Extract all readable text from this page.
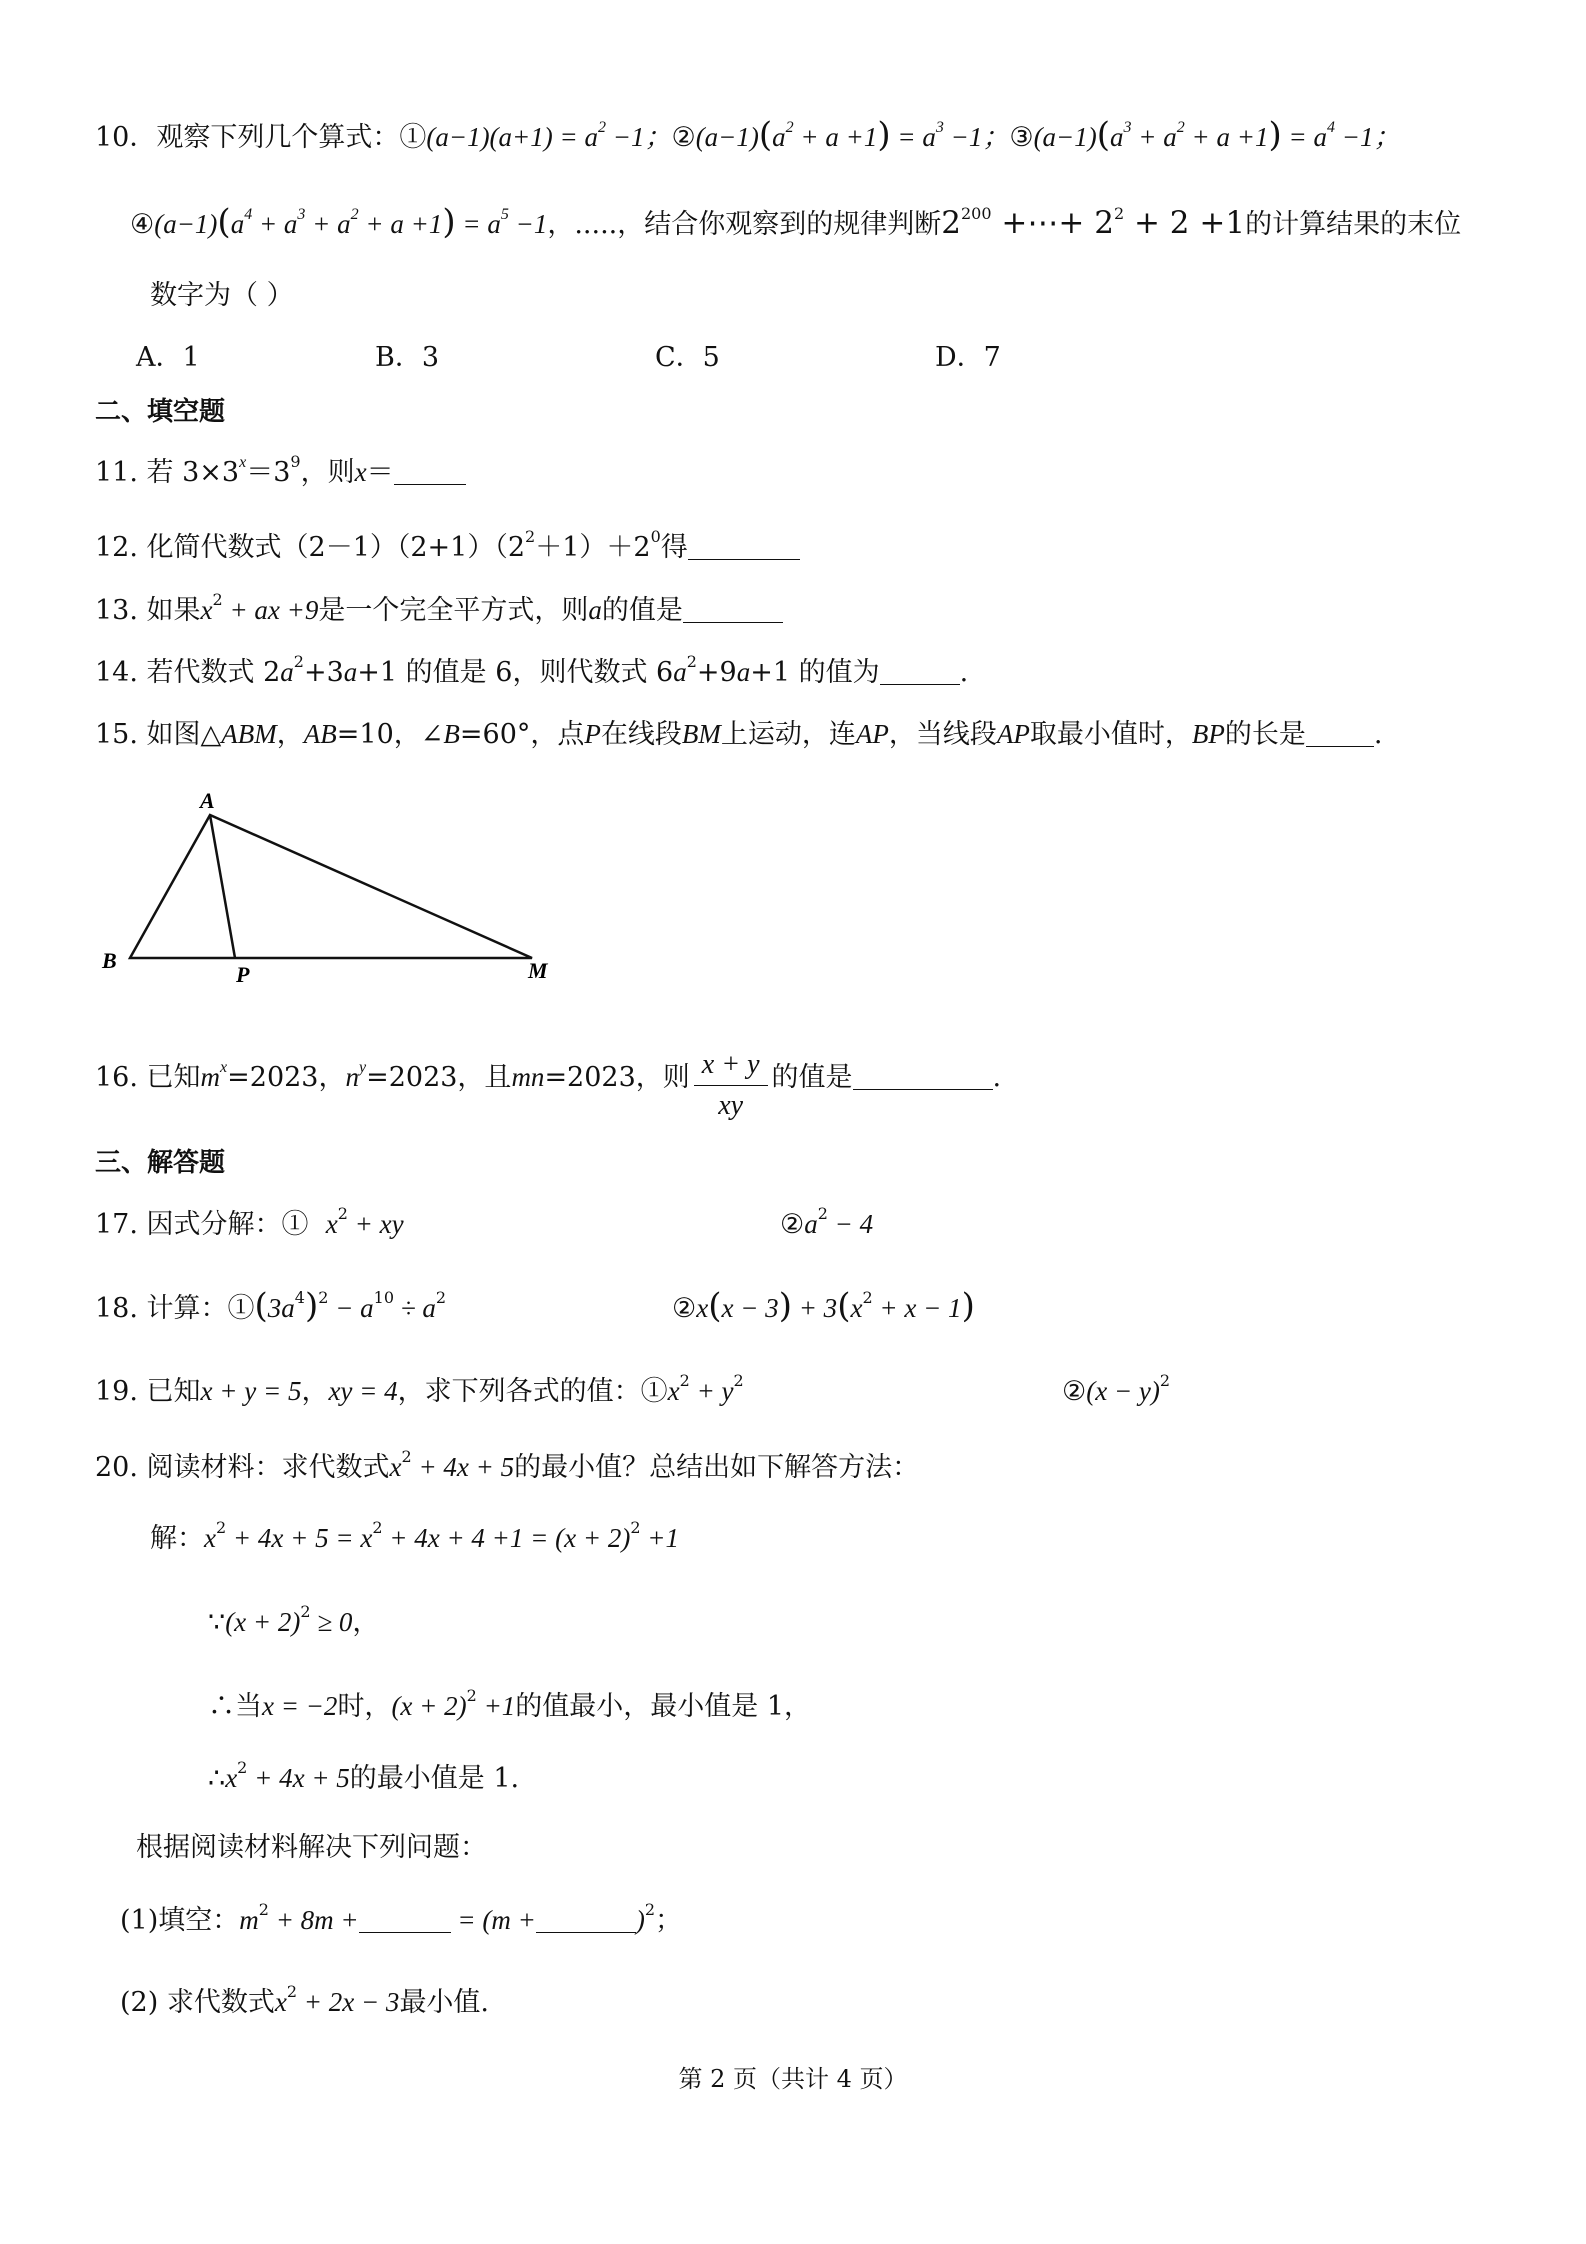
10．观察下列几个算式：①(a−1)(a+1) = $a^2 -1$；$②(a-1)(a^2 + a +1) = a^3 -1$；$③(a-1)(a^3 + a^2 + a +1) = a^4 -1$；
$④(a-1)(a^4 + a^3 + a^2 + a +1) = a^5 -1$，.....，结合你观察到的规律判断$2^{200}$ +⋯+ $2^2 + 2 +1$的计算结果的末位
数字为（ ）
A．1	B．3	C．5	D．7
二、填空题
11. 若 $3\times 3^x=3^9$，则x＝
12. 化简代数式$(2-1)(2+1)(2^2+1)+2^0$得
13. 如果$x^2$ + ax +9是一个完全平方式，则a的值是
14. 若代数式 $2a^2+3a+1$ 的值是 6，则代数式 $6a^2+9a+1$ 的值为	.
15. 如图△ABM，AB=10，∠B=60°，点P在线段BM上运动，连AP，当线段AP取最小值时，BP的长是	.
A
B
P	M
16. 已知$m^x=2023$，$n^y=2023$，且mn=2023，则 $\frac{x + y}{xy}$ 的值是	.
三、解答题
17. 因式分解：① $x^2$ + xy	$②a^2 - 4$
18. 计算：$①(3a^4)^2 - a^{10} \div a^2$	②x(x − $3) + 3(x^2 + x - 1)$
19. 已知x + y = 5，xy = 4，求下列各式的值：$①x^2 + y^2$	②(x − y)$^2$
20. 阅读材料：求代数式$x^2 + 4x + 5$的最小值？总结出如下解答方法：
解：$x^2 + 4x + 5 = x^2 + 4x + 4 +1 = (x + 2)^2 +1$
∵(x + 2)$^2$ ≥ 0，
∴当x = −2时，$(x + 2)^2 +1$的值最小，最小值是 1，
$\therefore x^2 + 4x + 5$的最小值是 1.
根据阅读材料解决下列问题：
(1)填空：$m^2 + 8m$ +	= (m +	)$^2$；
(2) 求代数式$x^2 + 2x - 3$最小值.
第 2 页（共计 4 页）
